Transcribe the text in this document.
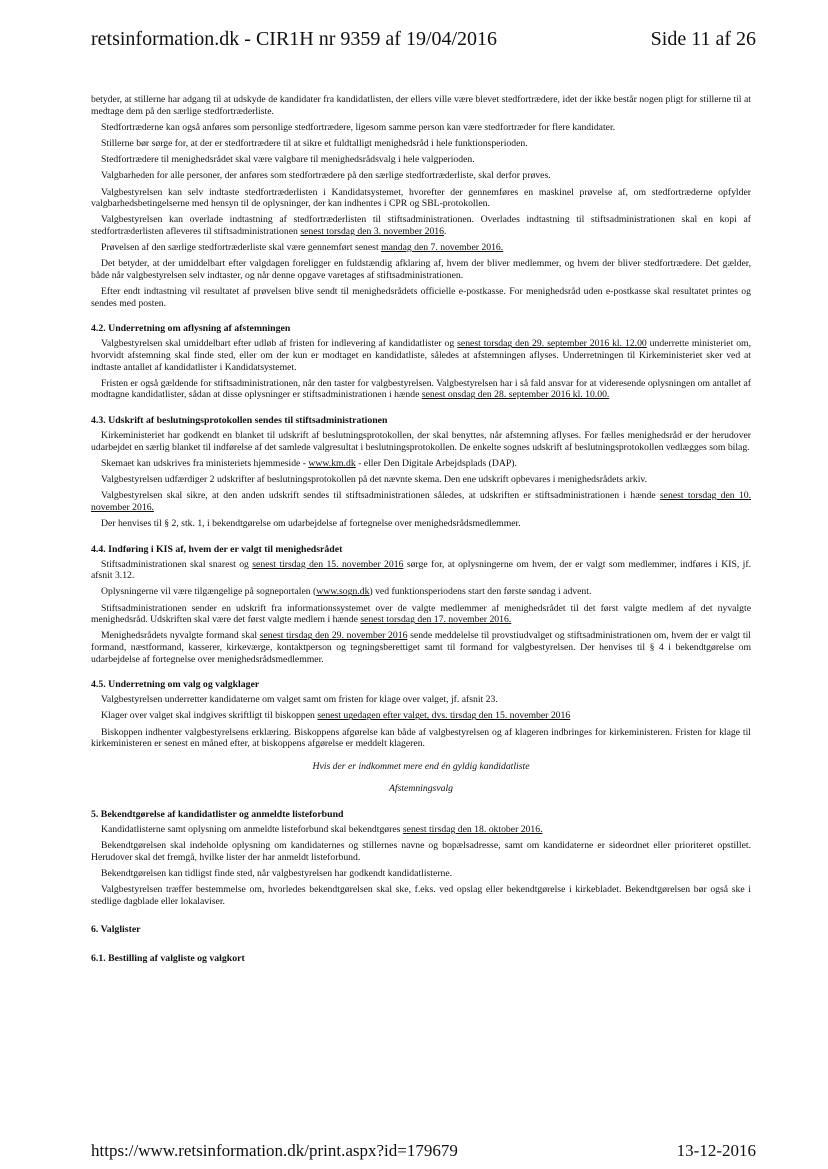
retsinformation.dk - CIR1H nr 9359 af 19/04/2016	Side 11 af 26

betyder, at stillerne har adgang til at udskyde de kandidater fra kandidatlisten, der ellers ville være blevet stedfortrædere, idet der ikke består nogen pligt for stillerne til at medtage dem på den særlige stedfortræderliste.

Stedfortræderne kan også anføres som personlige stedfortrædere, ligesom samme person kan være stedfortræder for flere kandidater.

Stillerne bør sørge for, at der er stedfortrædere til at sikre et fuldtalligt menighedsråd i hele funktionsperioden.

Stedfortrædere til menighedsrådet skal være valgbare til menighedsrådsvalg i hele valgperioden.

Valgbarheden for alle personer, der anføres som stedfortrædere på den særlige stedfortræderliste, skal derfor prøves.

Valgbestyrelsen kan selv indtaste stedfortræderlisten i Kandidatsystemet, hvorefter der gennemføres en maskinel prøvelse af, om stedfortræderne opfylder valgbarhedsbetingelserne med hensyn til de oplysninger, der kan indhentes i CPR og SBL-protokollen.

Valgbestyrelsen kan overlade indtastning af stedfortræderlisten til stiftsadministrationen. Overlades indtastning til stiftsadministrationen skal en kopi af stedfortræderlisten afleveres til stiftsadministrationen senest torsdag den 3. november 2016.

Prøvelsen af den særlige stedfortræderliste skal være gennemført senest mandag den 7. november 2016.

Det betyder, at der umiddelbart efter valgdagen foreligger en fuldstændig afklaring af, hvem der bliver medlemmer, og hvem der bliver stedfortrædere. Det gælder, både når valgbestyrelsen selv indtaster, og når denne opgave varetages af stiftsadministrationen.

Efter endt indtastning vil resultatet af prøvelsen blive sendt til menighedsrådets officielle e-postkasse. For menighedsråd uden e-postkasse skal resultatet printes og sendes med posten.

4.2. Underretning om aflysning af afstemningen

Valgbestyrelsen skal umiddelbart efter udløb af fristen for indlevering af kandidatlister og senest torsdag den 29. september 2016 kl. 12.00 underrette ministeriet om, hvorvidt afstemning skal finde sted, eller om der kun er modtaget en kandidatliste, således at afstemningen aflyses. Underretningen til Kirkeministeriet sker ved at indtaste antallet af kandidatlister i Kandidatsystemet.

Fristen er også gældende for stiftsadministrationen, når den taster for valgbestyrelsen. Valgbestyrelsen har i så fald ansvar for at videresende oplysningen om antallet af modtagne kandidatlister, sådan at disse oplysninger er stiftsadministrationen i hænde senest onsdag den 28. september 2016 kl. 10.00.

4.3. Udskrift af beslutningsprotokollen sendes til stiftsadministrationen

Kirkeministeriet har godkendt en blanket til udskrift af beslutningsprotokollen, der skal benyttes, når afstemning aflyses. For fælles menighedsråd er der herudover udarbejdet en særlig blanket til indførelse af det samlede valgresultat i beslutningsprotokollen. De enkelte sognes udskrift af beslutningsprotokollen vedlægges som bilag.

Skemaet kan udskrives fra ministeriets hjemmeside - www.km.dk - eller Den Digitale Arbejdsplads (DAP).

Valgbestyrelsen udfærdiger 2 udskrifter af beslutningsprotokollen på det nævnte skema. Den ene udskrift opbevares i menighedsrådets arkiv.

Valgbestyrelsen skal sikre, at den anden udskrift sendes til stiftsadministrationen således, at udskriften er stiftsadministrationen i hænde senest torsdag den 10. november 2016.

Der henvises til § 2, stk. 1, i bekendtgørelse om udarbejdelse af fortegnelse over menighedsrådsmedlemmer.

4.4. Indføring i KIS af, hvem der er valgt til menighedsrådet

Stiftsadministrationen skal snarest og senest tirsdag den 15. november 2016 sørge for, at oplysningerne om hvem, der er valgt som medlemmer, indføres i KIS, jf. afsnit 3.12.

Oplysningerne vil være tilgængelige på sogneportalen (www.sogn.dk) ved funktionsperiodens start den første søndag i advent.

Stiftsadministrationen sender en udskrift fra informationssystemet over de valgte medlemmer af menighedsrådet til det først valgte medlem af det nyvalgte menighedsråd. Udskriften skal være det først valgte medlem i hænde senest torsdag den 17. november 2016.

Menighedsrådets nyvalgte formand skal senest tirsdag den 29. november 2016 sende meddelelse til provstiudvalget og stiftsadministrationen om, hvem der er valgt til formand, næstformand, kasserer, kirkeværge, kontaktperson og tegningsberettiget samt til formand for valgbestyrelsen. Der henvises til § 4 i bekendtgørelse om udarbejdelse af fortegnelse over menighedsrådsmedlemmer.

4.5. Underretning om valg og valgklager

Valgbestyrelsen underretter kandidaterne om valget samt om fristen for klage over valget, jf. afsnit 23.

Klager over valget skal indgives skriftligt til biskoppen senest ugedagen efter valget, dvs. tirsdag den 15. november 2016

Biskoppen indhenter valgbestyrelsens erklæring. Biskoppens afgørelse kan både af valgbestyrelsen og af klageren indbringes for kirkeministeren. Fristen for klage til kirkeministeren er senest en måned efter, at biskoppens afgørelse er meddelt klageren.

Hvis der er indkommet mere end én gyldig kandidatliste

Afstemningsvalg

5. Bekendtgørelse af kandidatlister og anmeldte listeforbund

Kandidatlisterne samt oplysning om anmeldte listeforbund skal bekendtgøres senest tirsdag den 18. oktober 2016.

Bekendtgørelsen skal indeholde oplysning om kandidaternes og stillernes navne og bopælsadresse, samt om kandidaterne er sideordnet eller prioriteret opstillet. Herudover skal det fremgå, hvilke lister der har anmeldt listeforbund.

Bekendtgørelsen kan tidligst finde sted, når valgbestyrelsen har godkendt kandidatlisterne.

Valgbestyrelsen træffer bestemmelse om, hvorledes bekendtgørelsen skal ske, f.eks. ved opslag eller bekendtgørelse i kirkebladet. Bekendtgørelsen bør også ske i stedlige dagblade eller lokalaviser.

6. Valglister
6.1. Bestilling af valgliste og valgkort
https://www.retsinformation.dk/print.aspx?id=179679	13-12-2016
